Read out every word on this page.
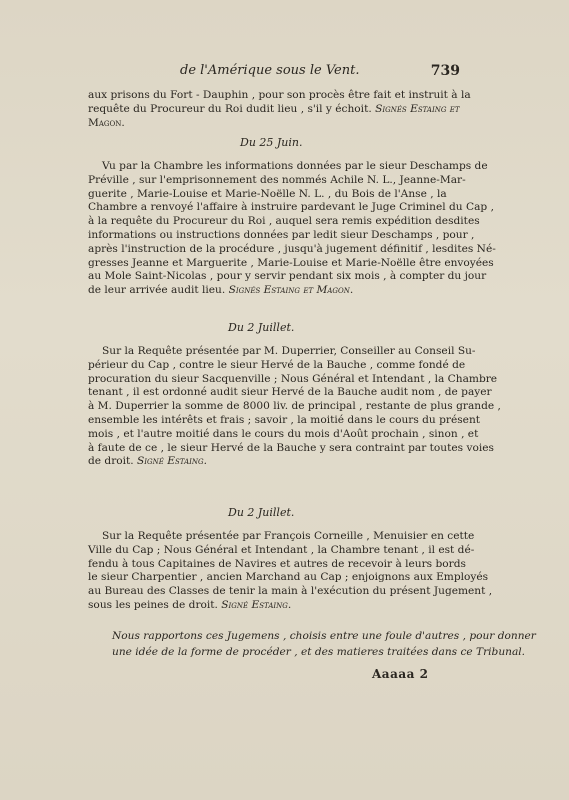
de l'Amérique sous le Vent.	739
aux prisons du Fort - Dauphin , pour son procès être fait et instruit à la
requête du Procureur du Roi dudit lieu , s'il y échoit. Signés Estaing et
Magon.
Du 25 Juin.
Vu par la Chambre les informations données par le sieur Deschamps de
Préville , sur l'emprisonnement des nommés Achile N. L., Jeanne-Mar-
guerite , Marie-Louise et Marie-Noëlle N. L. , du Bois de l'Anse , la
Chambre a renvoyé l'affaire à instruire pardevant le Juge Criminel du Cap ,
à la requête du Procureur du Roi , auquel sera remis expédition desdites
informations ou instructions données par ledit sieur Deschamps , pour ,
après l'instruction de la procédure , jusqu'à jugement définitif , lesdites Né-
gresses Jeanne et Marguerite , Marie-Louise et Marie-Noëlle être envoyées
au Mole Saint-Nicolas , pour y servir pendant six mois , à compter du jour
de leur arrivée audit lieu. Signés Estaing et Magon.
Du 2 Juillet.
Sur la Requête présentée par M. Duperrier, Conseiller au Conseil Su-
périeur du Cap , contre le sieur Hervé de la Bauche , comme fondé de
procuration du sieur Sacquenville ; Nous Général et Intendant , la Chambre
tenant , il est ordonné audit sieur Hervé de la Bauche audit nom , de payer
à M. Duperrier la somme de 8000 liv. de principal , restante de plus grande ,
ensemble les intérêts et frais ; savoir , la moitié dans le cours du présent
mois , et l'autre moitié dans le cours du mois d'Août prochain , sinon , et
à faute de ce , le sieur Hervé de la Bauche y sera contraint par toutes voies
de droit. Signé Estaing.
Du 2 Juillet.
Sur la Requête présentée par François Corneille , Menuisier en cette
Ville du Cap ; Nous Général et Intendant , la Chambre tenant , il est dé-
fendu à tous Capitaines de Navires et autres de recevoir à leurs bords
le sieur Charpentier , ancien Marchand au Cap ; enjoignons aux Employés
au Bureau des Classes de tenir la main à l'exécution du présent Jugement ,
sous les peines de droit. Signé Estaing.
Nous rapportons ces Jugemens , choisis entre une foule d'autres , pour donner
une idée de la forme de procéder , et des matieres traitées dans ce Tribunal.
Aaaaa 2
